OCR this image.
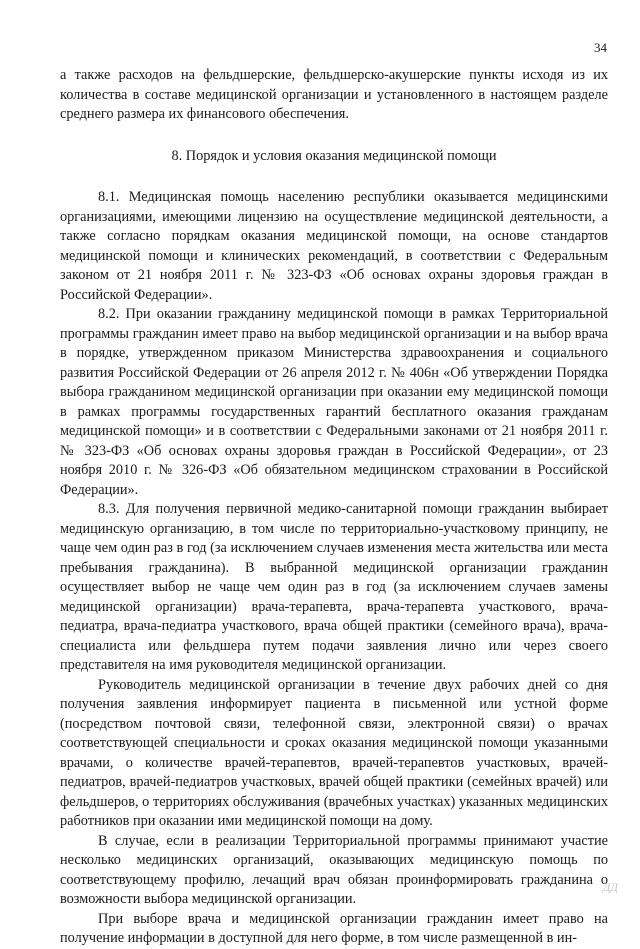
34

а также расходов на фельдшерские, фельдшерско-акушерские пункты исходя из их количества в составе медицинской организации и установленного в настоящем разделе среднего размера их финансового обеспечения.

8. Порядок и условия оказания медицинской помощи

8.1. Медицинская помощь населению республики оказывается медицинскими организациями, имеющими лицензию на осуществление медицинской деятельности, а также согласно порядкам оказания медицинской помощи, на основе стандартов медицинской помощи и клинических рекомендаций, в соответствии с Федеральным законом от 21 ноября 2011 г. № 323-ФЗ «Об основах охраны здоровья граждан в Российской Федерации».

8.2. При оказании гражданину медицинской помощи в рамках Территориальной программы гражданин имеет право на выбор медицинской организации и на выбор врача в порядке, утвержденном приказом Министерства здравоохранения и социального развития Российской Федерации от 26 апреля 2012 г. № 406н «Об утверждении Порядка выбора гражданином медицинской организации при оказании ему медицинской помощи в рамках программы государственных гарантий бесплатного оказания гражданам медицинской помощи» и в соответствии с Федеральными законами от 21 ноября 2011 г. № 323-ФЗ «Об основах охраны здоровья граждан в Российской Федерации», от 23 ноября 2010 г. № 326-ФЗ «Об обязательном медицинском страховании в Российской Федерации».

8.3. Для получения первичной медико-санитарной помощи гражданин выбирает медицинскую организацию, в том числе по территориально-участковому принципу, не чаще чем один раз в год (за исключением случаев изменения места жительства или места пребывания гражданина). В выбранной медицинской организации гражданин осуществляет выбор не чаще чем один раз в год (за исключением случаев замены медицинской организации) врача-терапевта, врача-терапевта участкового, врача-педиатра, врача-педиатра участкового, врача общей практики (семейного врача), врача-специалиста или фельдшера путем подачи заявления лично или через своего представителя на имя руководителя медицинской организации.

Руководитель медицинской организации в течение двух рабочих дней со дня получения заявления информирует пациента в письменной или устной форме (посредством почтовой связи, телефонной связи, электронной связи) о врачах соответствующей специальности и сроках оказания медицинской помощи указанными врачами, о количестве врачей-терапевтов, врачей-терапевтов участковых, врачей-педиатров, врачей-педиатров участковых, врачей общей практики (семейных врачей) или фельдшеров, о территориях обслуживания (врачебных участках) указанных медицинских работников при оказании ими медицинской помощи на дому.

В случае, если в реализации Территориальной программы принимают участие несколько медицинских организаций, оказывающих медицинскую помощь по соответствующему профилю, лечащий врач обязан проинформировать гражданина о возможности выбора медицинской организации.

При выборе врача и медицинской организации гражданин имеет право на получение информации в доступной для него форме, в том числе размещенной в ин-

ДД
